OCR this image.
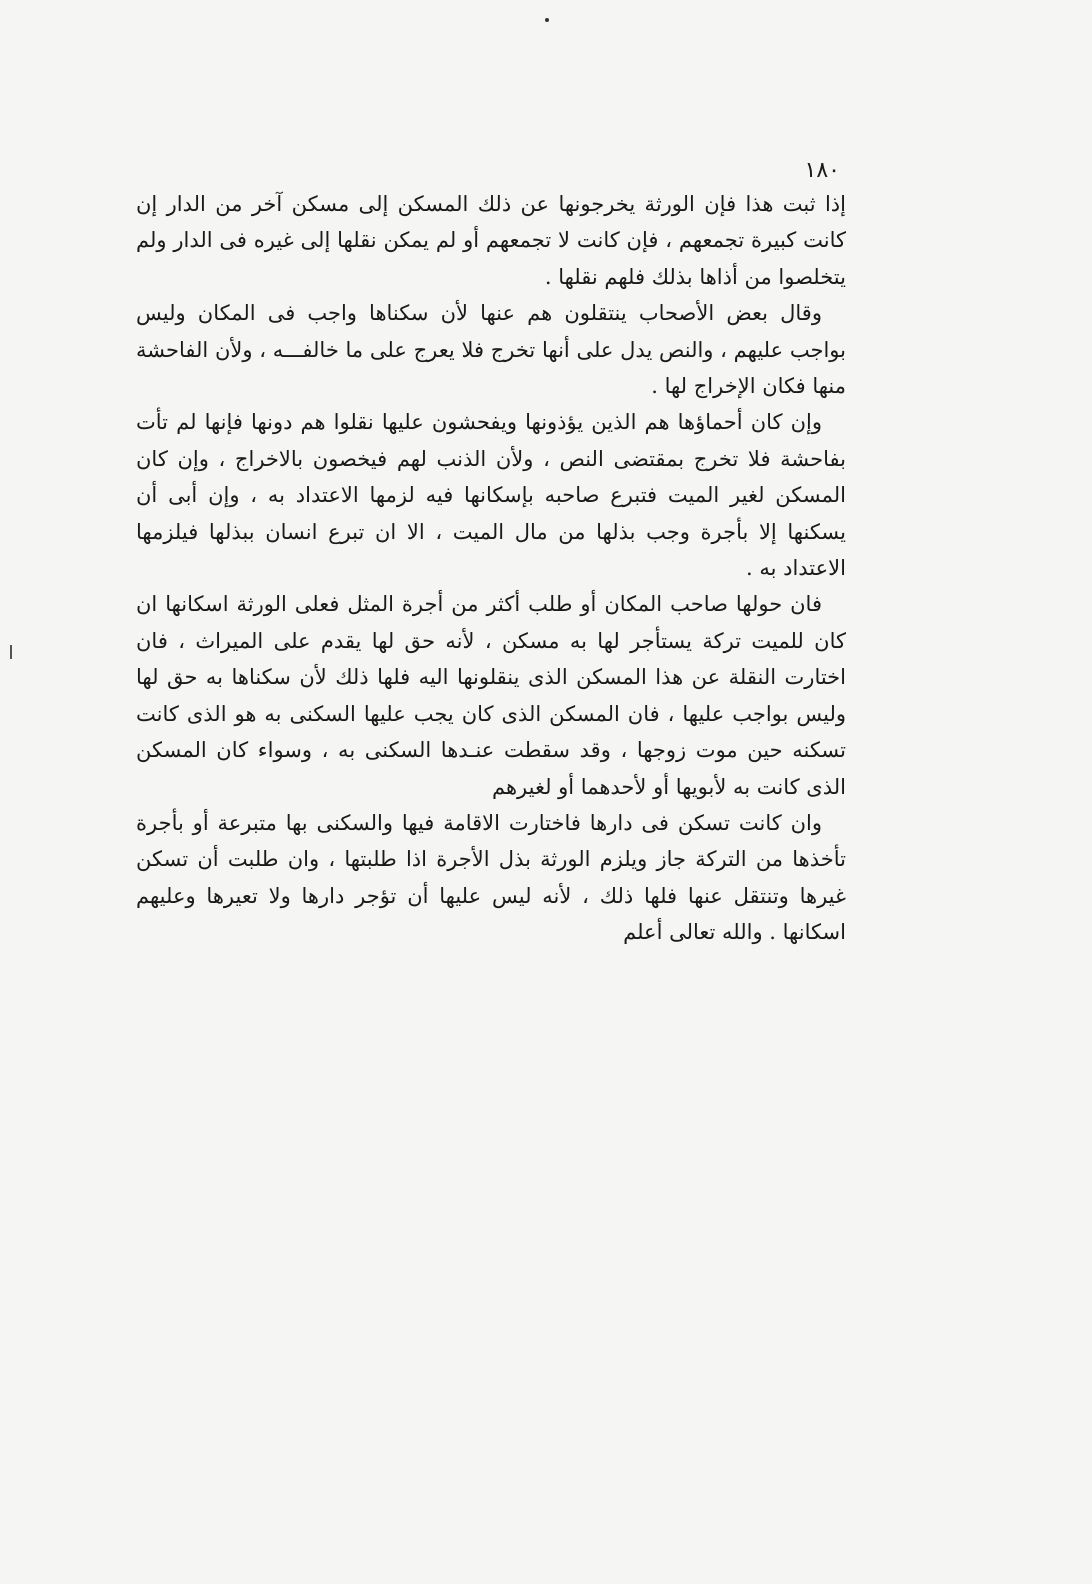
١٨٠

إذا ثبت هذا فإن الورثة يخرجونها عن ذلك المسكن إلى مسكن آخر من الدار إن كانت كبيرة تجمعهم ، فإن كانت لا تجمعهم أو لم يمكن نقلها إلى غيره فى الدار ولم يتخلصوا من أذاها بذلك فلهم نقلها .

وقال بعض الأصحاب ينتقلون هم عنها لأن سكناها واجب فى المكان وليس بواجب عليهم ، والنص يدل على أنها تخرج فلا يعرج على ما خالفـــه ، ولأن الفاحشة منها فكان الإخراج لها .

وإن كان أحماؤها هم الذين يؤذونها ويفحشون عليها نقلوا هم دونها فإنها لم تأت بفاحشة فلا تخرج بمقتضى النص ، ولأن الذنب لهم فيخصون بالاخراج ، وإن كان المسكن لغير الميت فتبرع صاحبه بإسكانها فيه لزمها الاعتداد به ، وإن أبى أن يسكنها إلا بأجرة وجب بذلها من مال الميت ، الا ان تبرع انسان ببذلها فيلزمها الاعتداد به .

فان حولها صاحب المكان أو طلب أكثر من أجرة المثل فعلى الورثة اسكانها ان كان للميت تركة يستأجر لها به مسكن ، لأنه حق لها يقدم على الميراث ، فان اختارت النقلة عن هذا المسكن الذى ينقلونها اليه فلها ذلك لأن سكناها به حق لها وليس بواجب عليها ، فان المسكن الذى كان يجب عليها السكنى به هو الذى كانت تسكنه حين موت زوجها ، وقد سقطت عنـدها السكنى به ، وسواء كان المسكن الذى كانت به لأبويها أو لأحدهما أو لغيرهم

وان كانت تسكن فى دارها فاختارت الاقامة فيها والسكنى بها متبرعة أو بأجرة تأخذها من التركة جاز ويلزم الورثة بذل الأجرة اذا طلبتها ، وان طلبت أن تسكن غيرها وتنتقل عنها فلها ذلك ، لأنه ليس عليها أن تؤجر دارها ولا تعيرها وعليهم اسكانها . والله تعالى أعلم
